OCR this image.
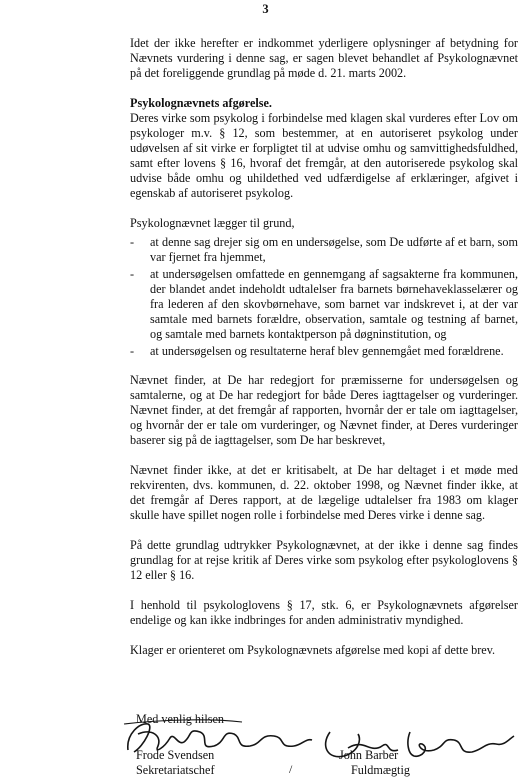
3

Idet der ikke herefter er indkommet yderligere oplysninger af betydning for Nævnets vurdering i denne sag, er sagen blevet behandlet af Psykolognævnet på det foreliggende grundlag på møde d. 21. marts 2002.

Psykolognævnets afgørelse.
Deres virke som psykolog i forbindelse med klagen skal vurderes efter Lov om psykologer m.v. § 12, som bestemmer, at en autoriseret psykolog under udøvelsen af sit virke er forpligtet til at udvise omhu og samvittighedsfuldhed, samt efter lovens § 16, hvoraf det fremgår, at den autoriserede psykolog skal udvise både omhu og uhildethed ved udfærdigelse af erklæringer, afgivet i egenskab af autoriseret psykolog.

Psykolognævnet lægger til grund,

- at denne sag drejer sig om en undersøgelse, som De udførte af et barn, som var fjernet fra hjemmet,
- at undersøgelsen omfattede en gennemgang af sagsakterne fra kommunen, der blandet andet indeholdt udtalelser fra barnets børnehaveklasselærer og fra lederen af den skovbørnehave, som barnet var indskrevet i, at der var samtale med barnets forældre, observation, samtale og testning af barnet, og samtale med barnets kontaktperson på døgninstitution, og
- at undersøgelsen og resultaterne heraf blev gennemgået med forældrene.

Nævnet finder, at De har redegjort for præmisserne for undersøgelsen og samtalerne, og at De har redegjort for både Deres iagttagelser og vurderinger. Nævnet finder, at det fremgår af rapporten, hvornår der er tale om iagttagelser, og hvornår der er tale om vurderinger, og Nævnet finder, at Deres vurderinger baserer sig på de iagttagelser, som De har beskrevet,

Nævnet finder ikke, at det er kritisabelt, at De har deltaget i et møde med rekvirenten, dvs. kommunen, d. 22. oktober 1998, og Nævnet finder ikke, at det fremgår af Deres rapport, at de lægelige udtalelser fra 1983 om klager skulle have spillet nogen rolle i forbindelse med Deres virke i denne sag.

På dette grundlag udtrykker Psykolognævnet, at der ikke i denne sag findes grundlag for at rejse kritik af Deres virke som psykolog efter psykologlovens § 12 eller § 16.

I henhold til psykologlovens § 17, stk. 6, er Psykolognævnets afgørelser endelige og kan ikke indbringes for anden administrativ myndighed.

Klager er orienteret om Psykolognævnets afgørelse med kopi af dette brev.

Med venlig hilsen
Frode Svendsen
Sekretariatschef	/
John Barber
Fuldmægtig
